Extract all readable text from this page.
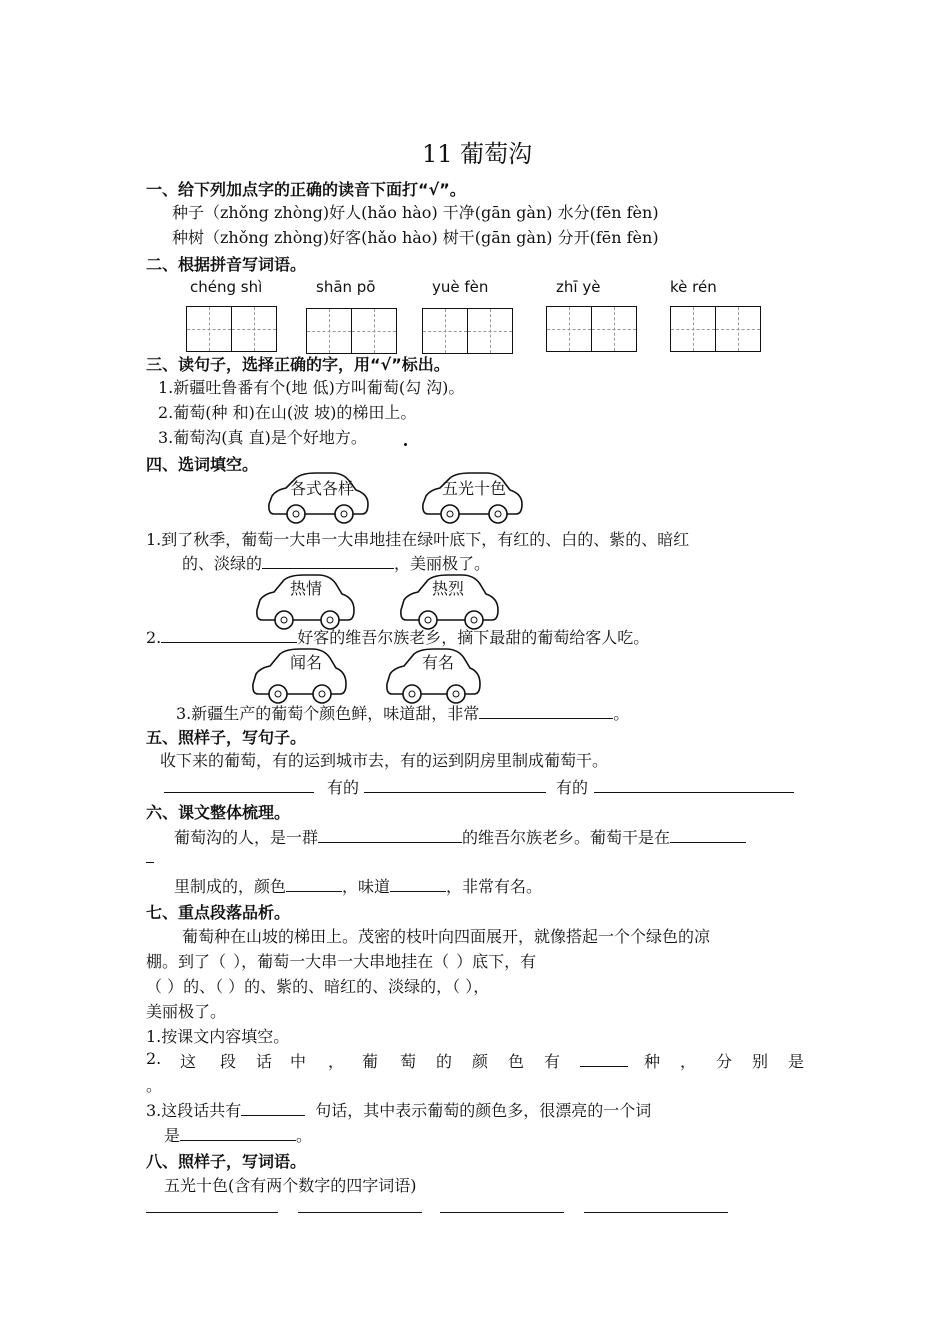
11 葡萄沟
一、给下列加点字的正确的读音下面打“√”。
种子（zhǒng zhòng)好人(hǎo hào) 干净(gān gàn) 水分(fēn fèn)
种树（zhǒng zhòng)好客(hǎo hào) 树干(gān gàn) 分开(fēn fèn)
二、根据拼音写词语。
chéng shì	shān pō	yuè fèn	zhī yè	kè rén
三、读句子，选择正确的字，用“√”标出。
1.新疆吐鲁番有个(地 低)方叫葡萄(勾 沟)。
2.葡萄(种 和)在山(波 坡)的梯田上。
3.葡萄沟(真 直)是个好地方。
四、选词填空。
各式各样	五光十色
1.到了秋季，葡萄一大串一大串地挂在绿叶底下，有红的、白的、紫的、暗红
的、淡绿的	，美丽极了。
热情	热烈
2.	好客的维吾尔族老乡，摘下最甜的葡萄给客人吃。
闻名	有名
3.新疆生产的葡萄个颜色鲜，味道甜，非常	。
五、照样子，写句子。
收下来的葡萄，有的运到城市去，有的运到阴房里制成葡萄干。
有的	有的
六、课文整体梳理。
葡萄沟的人，是一群	的维吾尔族老乡。葡萄干是在
里制成的，颜色	，味道	，非常有名。
七、重点段落品析。
葡萄种在山坡的梯田上。茂密的枝叶向四面展开，就像搭起一个个绿色的凉
棚。到了（ ），葡萄一大串一大串地挂在（ ）底下，有
（ ）的、（ ）的、紫的、暗红的、淡绿的，（ ），
美丽极了。
1.按课文内容填空。
2. 这 段 话 中 ， 葡 萄 的 颜 色 有	种 ， 分 别 是
。
3.这段话共有	句话，其中表示葡萄的颜色多，很漂亮的一个词
是	。
八、照样子，写词语。
五光十色(含有两个数字的四字词语)
